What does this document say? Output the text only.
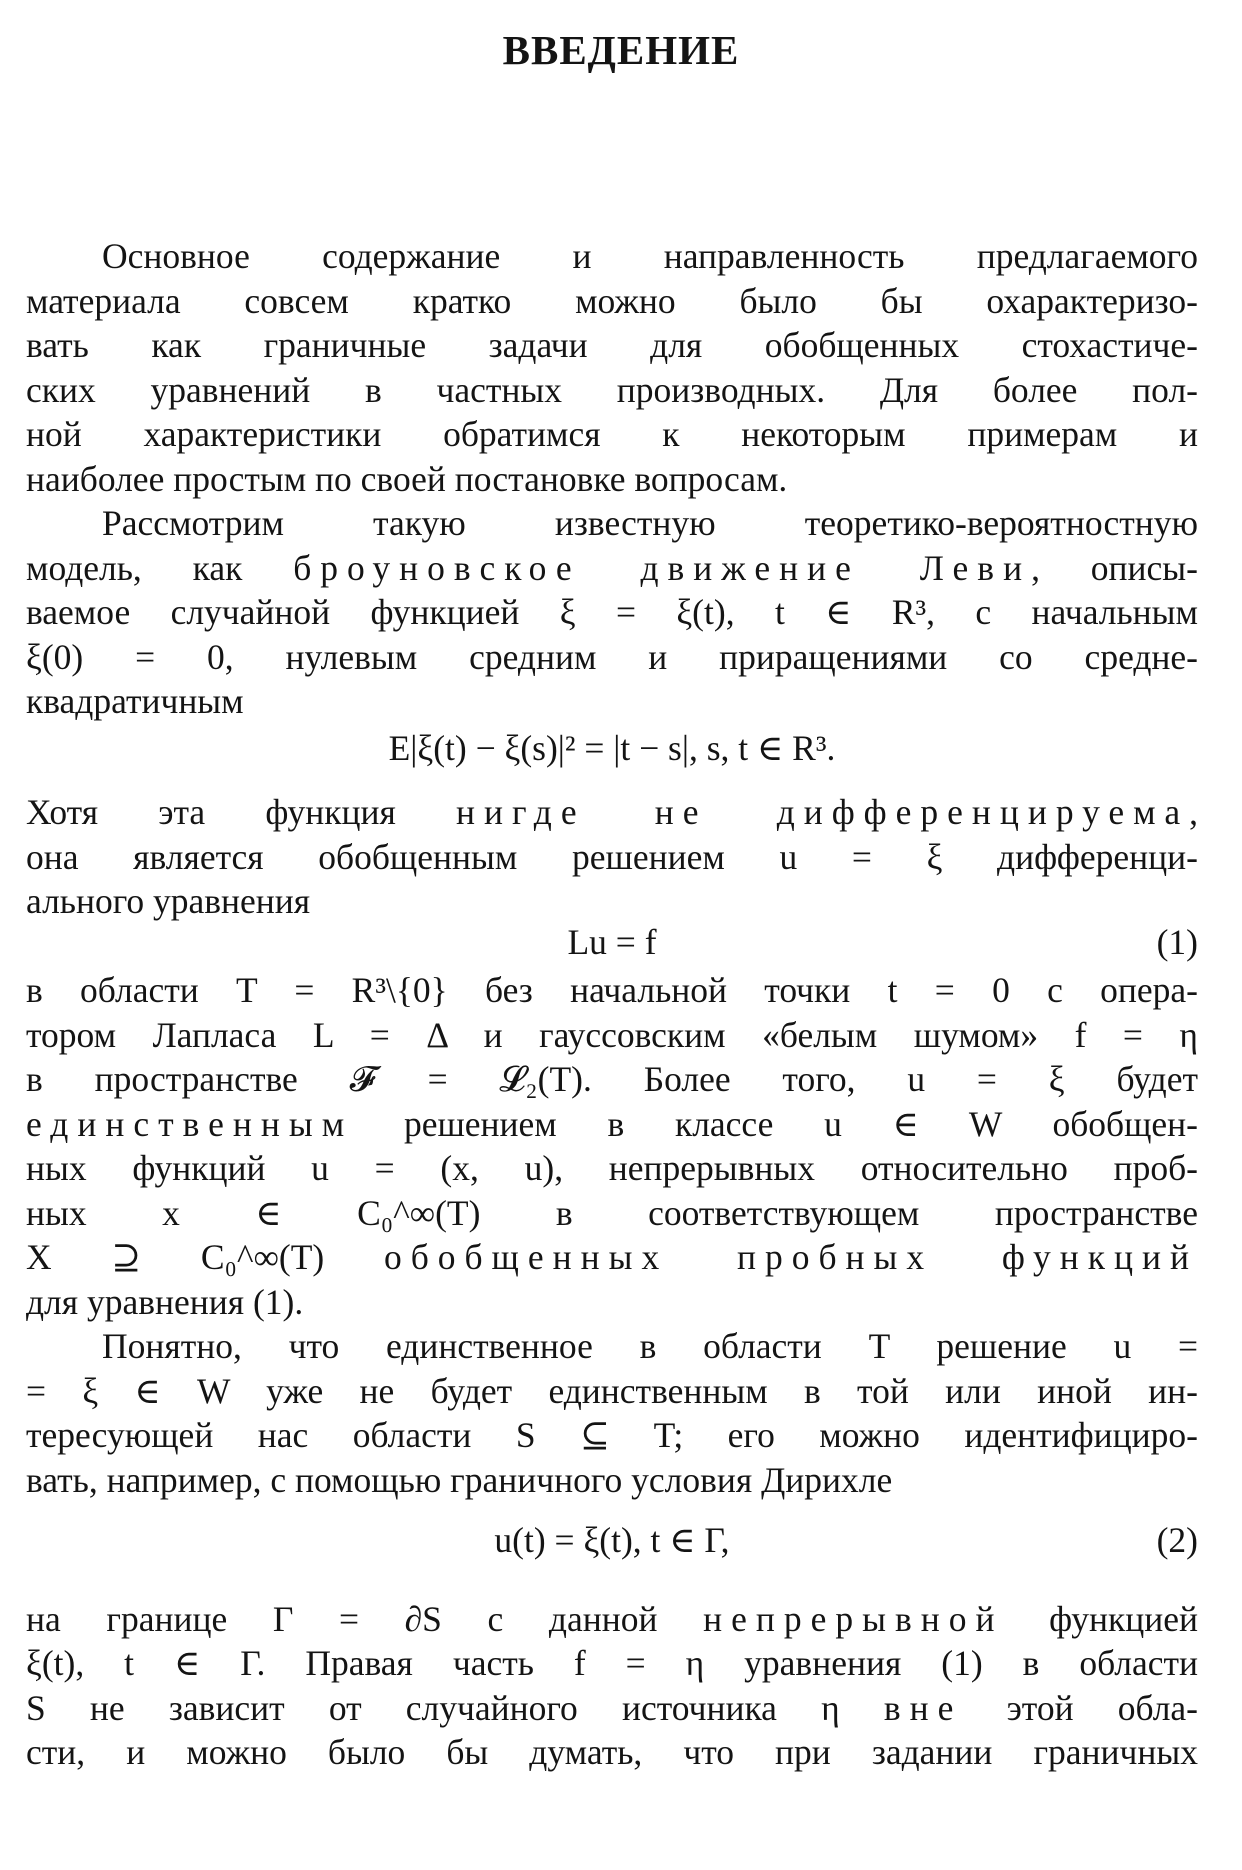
ВВЕДЕНИЕ
Основное содержание и направленность предлагаемого
материала совсем кратко можно было бы охарактеризо-
вать как граничные задачи для обобщенных стохастиче-
ских уравнений в частных производных. Для более пол-
ной характеристики обратимся к некоторым примерам и
наиболее простым по своей постановке вопросам.
Рассмотрим такую известную теоретико-вероятностную
модель, как броуновское движение Леви, описы-
ваемое случайной функцией ξ = ξ(t), t ∈ R³, с начальным
ξ(0) = 0, нулевым средним и приращениями со средне-
квадратичным
E|ξ(t) − ξ(s)|² = |t − s|, s, t ∈ R³.
Хотя эта функция нигде не дифференцируема,
она является обобщенным решением u = ξ дифференци-
ального уравнения
Lu = f	(1)
в области T = R³\{0} без начальной точки t = 0 с опера-
тором Лапласа L = Δ и гауссовским «белым шумом» f = η
в пространстве 𝓕 = 𝓛₂(T). Более того, u = ξ будет
единственным решением в классе u ∈ W обобщен-
ных функций u = (x, u), непрерывных относительно проб-
ных x ∈ C₀^∞(T) в соответствующем пространстве
X ⊇ C₀^∞(T) обобщенных пробных функций
для уравнения (1).
Понятно, что единственное в области T решение u =
= ξ ∈ W уже не будет единственным в той или иной ин-
тересующей нас области S ⊆ T; его можно идентифициро-
вать, например, с помощью граничного условия Дирихле
u(t) = ξ(t), t ∈ Γ,	(2)
на границе Γ = ∂S с данной непрерывной функцией
ξ(t), t ∈ Γ. Правая часть f = η уравнения (1) в области
S не зависит от случайного источника η вне этой обла-
сти, и можно было бы думать, что при задании граничных
